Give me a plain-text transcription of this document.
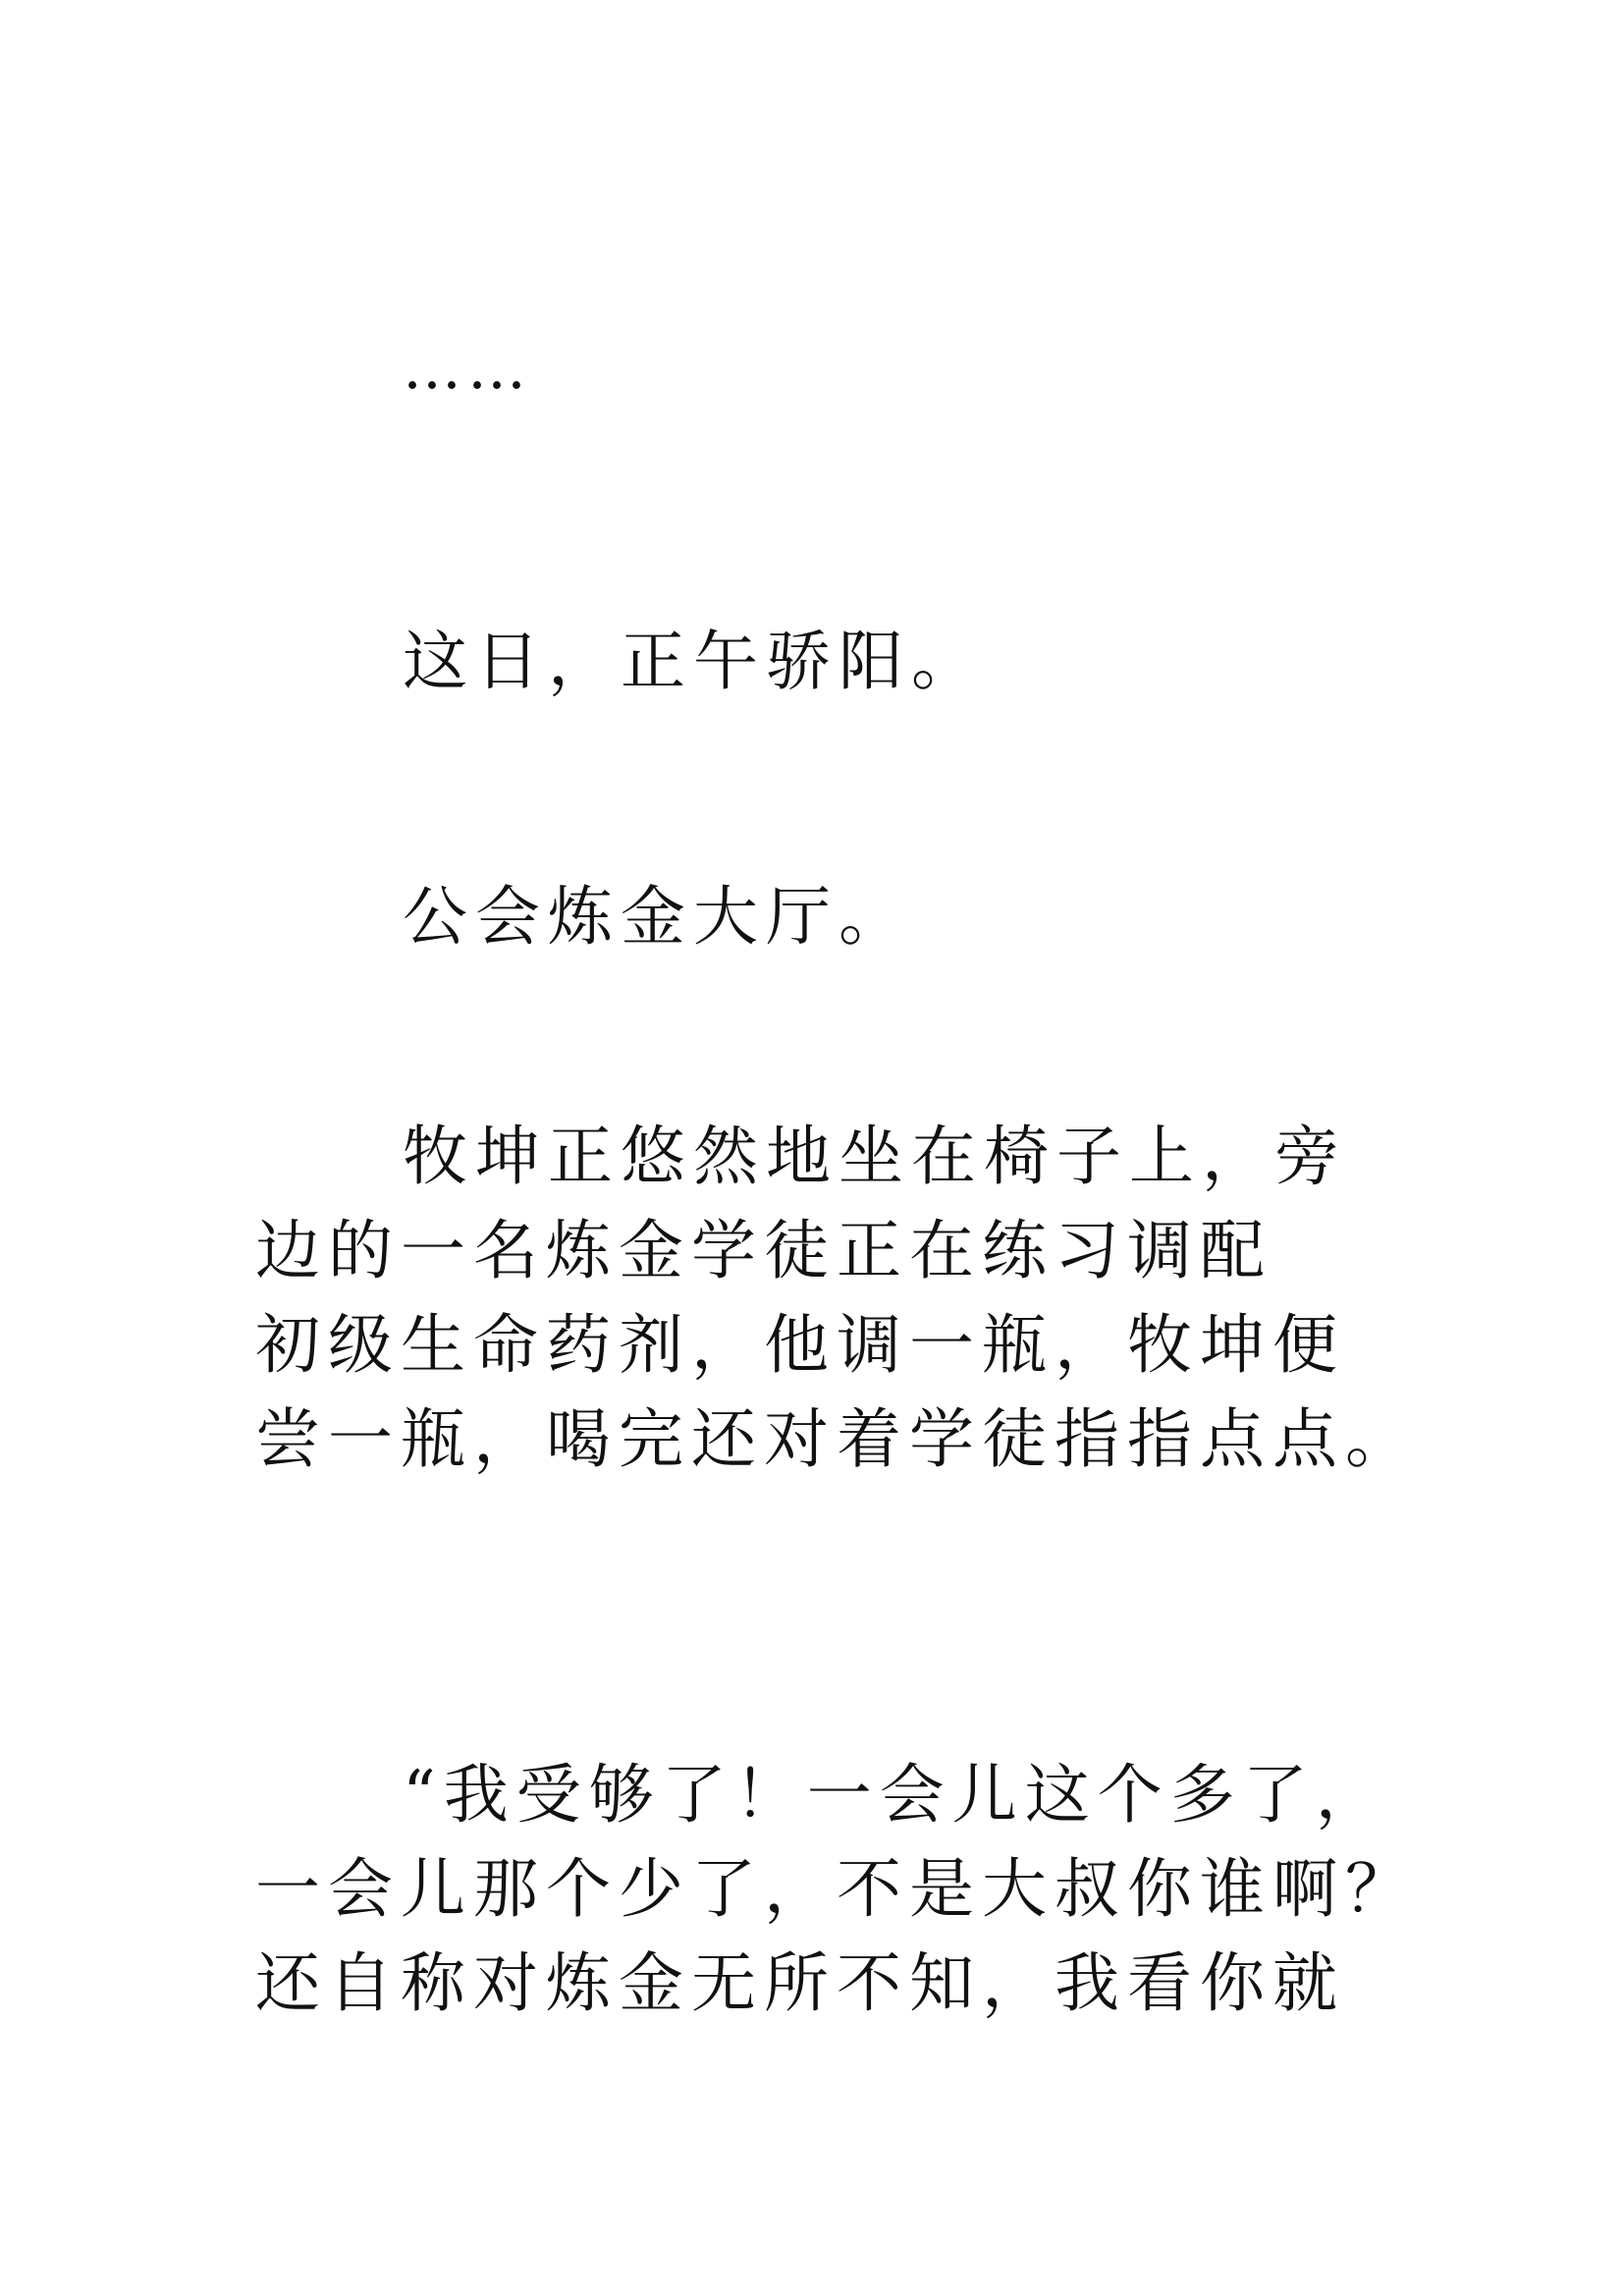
……
这日，正午骄阳。
公会炼金大厅。
牧坤正悠然地坐在椅子上，旁
边的一名炼金学徒正在练习调配
初级生命药剂，他调一瓶，牧坤便
尝一瓶，喝完还对着学徒指指点点。
“我受够了！一会儿这个多了，
一会儿那个少了，不是大叔你谁啊？
还自称对炼金无所不知，我看你就
